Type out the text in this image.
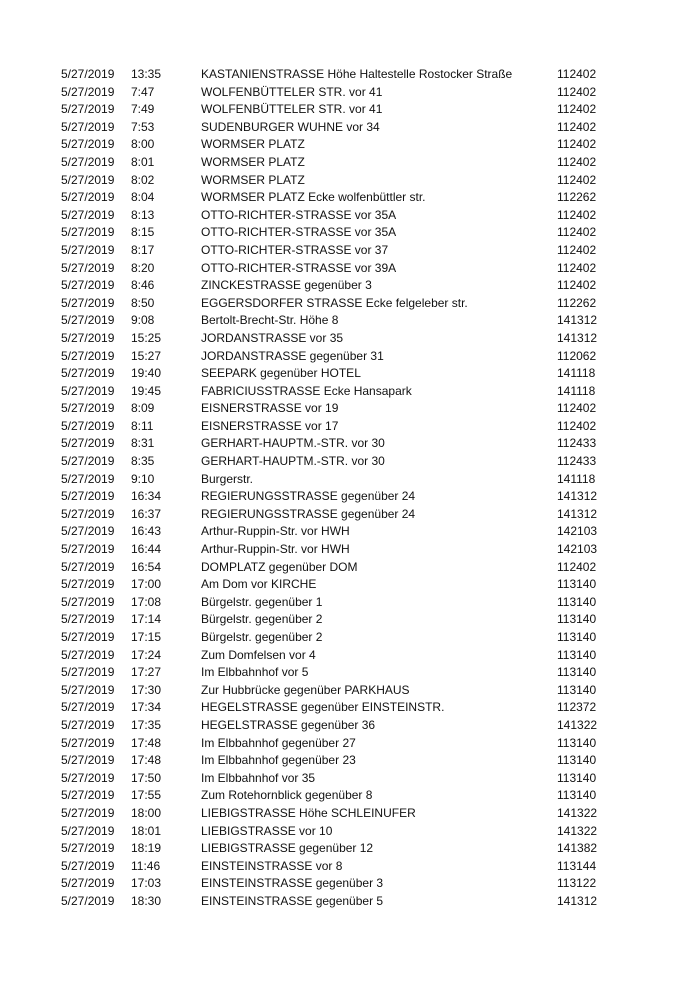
5/27/2019	13:35	KASTANIENSTRASSE Höhe Haltestelle Rostocker Straße	112402
5/27/2019	7:47	WOLFENBÜTTELER STR. vor 41	112402
5/27/2019	7:49	WOLFENBÜTTELER STR. vor 41	112402
5/27/2019	7:53	SUDENBURGER WUHNE vor 34	112402
5/27/2019	8:00	WORMSER PLATZ	112402
5/27/2019	8:01	WORMSER PLATZ	112402
5/27/2019	8:02	WORMSER PLATZ	112402
5/27/2019	8:04	WORMSER PLATZ Ecke wolfenbüttler str.	112262
5/27/2019	8:13	OTTO-RICHTER-STRASSE vor 35A	112402
5/27/2019	8:15	OTTO-RICHTER-STRASSE vor 35A	112402
5/27/2019	8:17	OTTO-RICHTER-STRASSE vor 37	112402
5/27/2019	8:20	OTTO-RICHTER-STRASSE vor 39A	112402
5/27/2019	8:46	ZINCKESTRASSE gegenüber 3	112402
5/27/2019	8:50	EGGERSDORFER STRASSE Ecke felgeleber str.	112262
5/27/2019	9:08	Bertolt-Brecht-Str. Höhe 8	141312
5/27/2019	15:25	JORDANSTRASSE vor 35	141312
5/27/2019	15:27	JORDANSTRASSE gegenüber 31	112062
5/27/2019	19:40	SEEPARK gegenüber HOTEL	141118
5/27/2019	19:45	FABRICIUSSTRASSE Ecke Hansapark	141118
5/27/2019	8:09	EISNERSTRASSE vor 19	112402
5/27/2019	8:11	EISNERSTRASSE vor 17	112402
5/27/2019	8:31	GERHART-HAUPTM.-STR. vor 30	112433
5/27/2019	8:35	GERHART-HAUPTM.-STR. vor 30	112433
5/27/2019	9:10	Burgerstr.	141118
5/27/2019	16:34	REGIERUNGSSTRASSE gegenüber 24	141312
5/27/2019	16:37	REGIERUNGSSTRASSE gegenüber 24	141312
5/27/2019	16:43	Arthur-Ruppin-Str. vor HWH	142103
5/27/2019	16:44	Arthur-Ruppin-Str. vor HWH	142103
5/27/2019	16:54	DOMPLATZ gegenüber DOM	112402
5/27/2019	17:00	Am Dom vor KIRCHE	113140
5/27/2019	17:08	Bürgelstr. gegenüber 1	113140
5/27/2019	17:14	Bürgelstr. gegenüber 2	113140
5/27/2019	17:15	Bürgelstr. gegenüber 2	113140
5/27/2019	17:24	Zum Domfelsen vor 4	113140
5/27/2019	17:27	Im Elbbahnhof vor 5	113140
5/27/2019	17:30	Zur Hubbrücke gegenüber PARKHAUS	113140
5/27/2019	17:34	HEGELSTRASSE gegenüber EINSTEINSTR.	112372
5/27/2019	17:35	HEGELSTRASSE gegenüber 36	141322
5/27/2019	17:48	Im Elbbahnhof gegenüber 27	113140
5/27/2019	17:48	Im Elbbahnhof gegenüber 23	113140
5/27/2019	17:50	Im Elbbahnhof vor 35	113140
5/27/2019	17:55	Zum Rotehornblick gegenüber 8	113140
5/27/2019	18:00	LIEBIGSTRASSE Höhe SCHLEINUFER	141322
5/27/2019	18:01	LIEBIGSTRASSE vor 10	141322
5/27/2019	18:19	LIEBIGSTRASSE gegenüber 12	141382
5/27/2019	11:46	EINSTEINSTRASSE vor 8	113144
5/27/2019	17:03	EINSTEINSTRASSE gegenüber 3	113122
5/27/2019	18:30	EINSTEINSTRASSE gegenüber 5	141312
